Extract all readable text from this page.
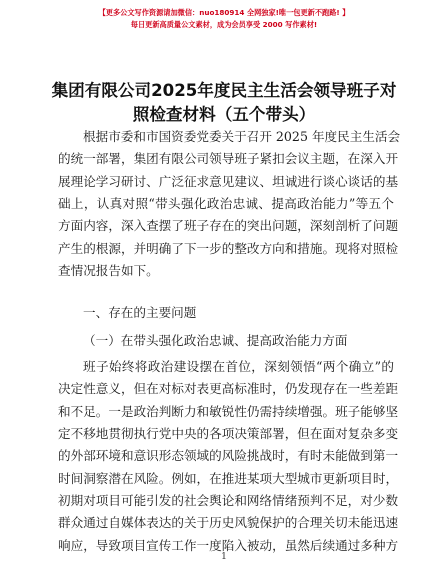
【更多公文写作资源请加微信：nuo180914 全网独家!唯一包更新不跑路! 】
每日更新高质量公文素材，成为会员享受 2000 写作素材!
集团有限公司2025年度民主生活会领导班子对
照检查材料（五个带头）
根据市委和市国资委党委关于召开 2025 年度民主生活会
的统一部署，集团有限公司领导班子紧扣会议主题，在深入开
展理论学习研讨、广泛征求意见建议、坦诚进行谈心谈话的基
础上，认真对照“带头强化政治忠诚、提高政治能力”等五个
方面内容，深入查摆了班子存在的突出问题，深刻剖析了问题
产生的根源，并明确了下一步的整改方向和措施。现将对照检
查情况报告如下。
一、存在的主要问题
（一）在带头强化政治忠诚、提高政治能力方面
班子始终将政治建设摆在首位，深刻领悟“两个确立”的
决定性意义，但在对标对表更高标准时，仍发现存在一些差距
和不足。一是政治判断力和敏锐性仍需持续增强。班子能够坚
定不移地贯彻执行党中央的各项决策部署，但在面对复杂多变
的外部环境和意识形态领域的风险挑战时，有时未能做到第一
时间洞察潜在风险。例如，在推进某项大型城市更新项目时，
初期对项目可能引发的社会舆论和网络情绪预判不足，对少数
群众通过自媒体表达的关于历史风貌保护的合理关切未能迅速
响应，导致项目宣传工作一度陷入被动，虽然后续通过多种方
1
